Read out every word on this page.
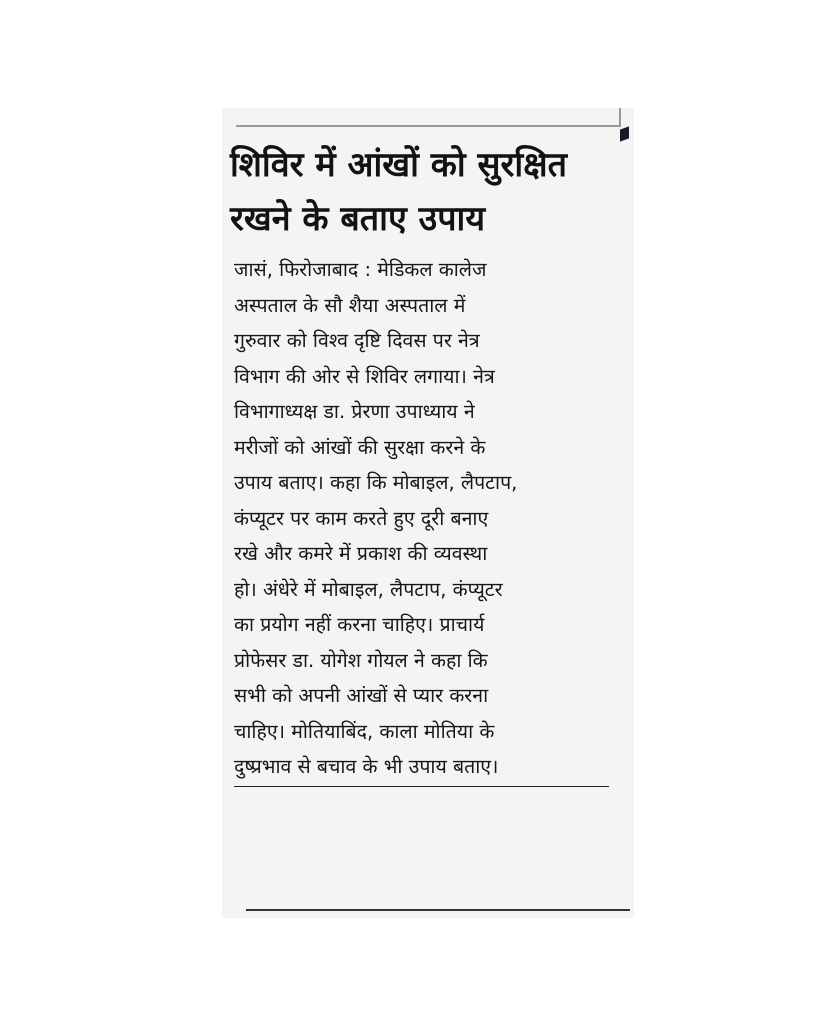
शिविर में आंखों को सुरक्षित
रखने के बताए उपाय
जासं, फिरोजाबाद : मेडिकल कालेज
अस्पताल के सौ शैया अस्पताल में
गुरुवार को विश्व दृष्टि दिवस पर नेत्र
विभाग की ओर से शिविर लगाया। नेत्र
विभागाध्यक्ष डा. प्रेरणा उपाध्याय ने
मरीजों को आंखों की सुरक्षा करने के
उपाय बताए। कहा कि मोबाइल, लैपटाप,
कंप्यूटर पर काम करते हुए दूरी बनाए
रखे और कमरे में प्रकाश की व्यवस्था
हो। अंधेरे में मोबाइल, लैपटाप, कंप्यूटर
का प्रयोग नहीं करना चाहिए। प्राचार्य
प्रोफेसर डा. योगेश गोयल ने कहा कि
सभी को अपनी आंखों से प्यार करना
चाहिए। मोतियाबिंद, काला मोतिया के
दुष्प्रभाव से बचाव के भी उपाय बताए।
